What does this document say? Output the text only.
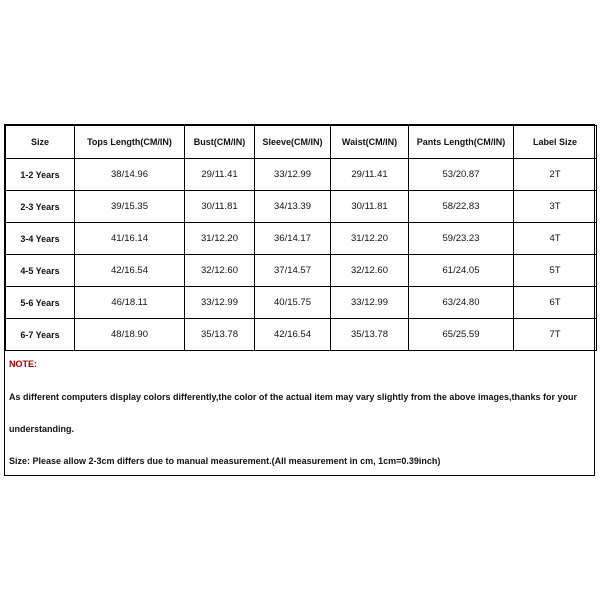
Size	Tops Length(CM/IN)	Bust(CM/IN)	Sleeve(CM/IN)	Waist(CM/IN)	Pants Length(CM/IN)	Label Size
1-2 Years	38/14.96	29/11.41	33/12.99	29/11.41	53/20.87	2T
2-3 Years	39/15.35	30/11.81	34/13.39	30/11.81	58/22.83	3T
3-4 Years	41/16.14	31/12.20	36/14.17	31/12.20	59/23.23	4T
4-5 Years	42/16.54	32/12.60	37/14.57	32/12.60	61/24.05	5T
5-6 Years	46/18.11	33/12.99	40/15.75	33/12.99	63/24.80	6T
6-7 Years	48/18.90	35/13.78	42/16.54	35/13.78	65/25.59	7T
NOTE:
As different computers display colors differently,the color of the actual item may vary slightly from the above images,thanks for your
understanding.
Size: Please allow 2-3cm differs due to manual measurement.(All measurement in cm, 1cm=0.39inch)
